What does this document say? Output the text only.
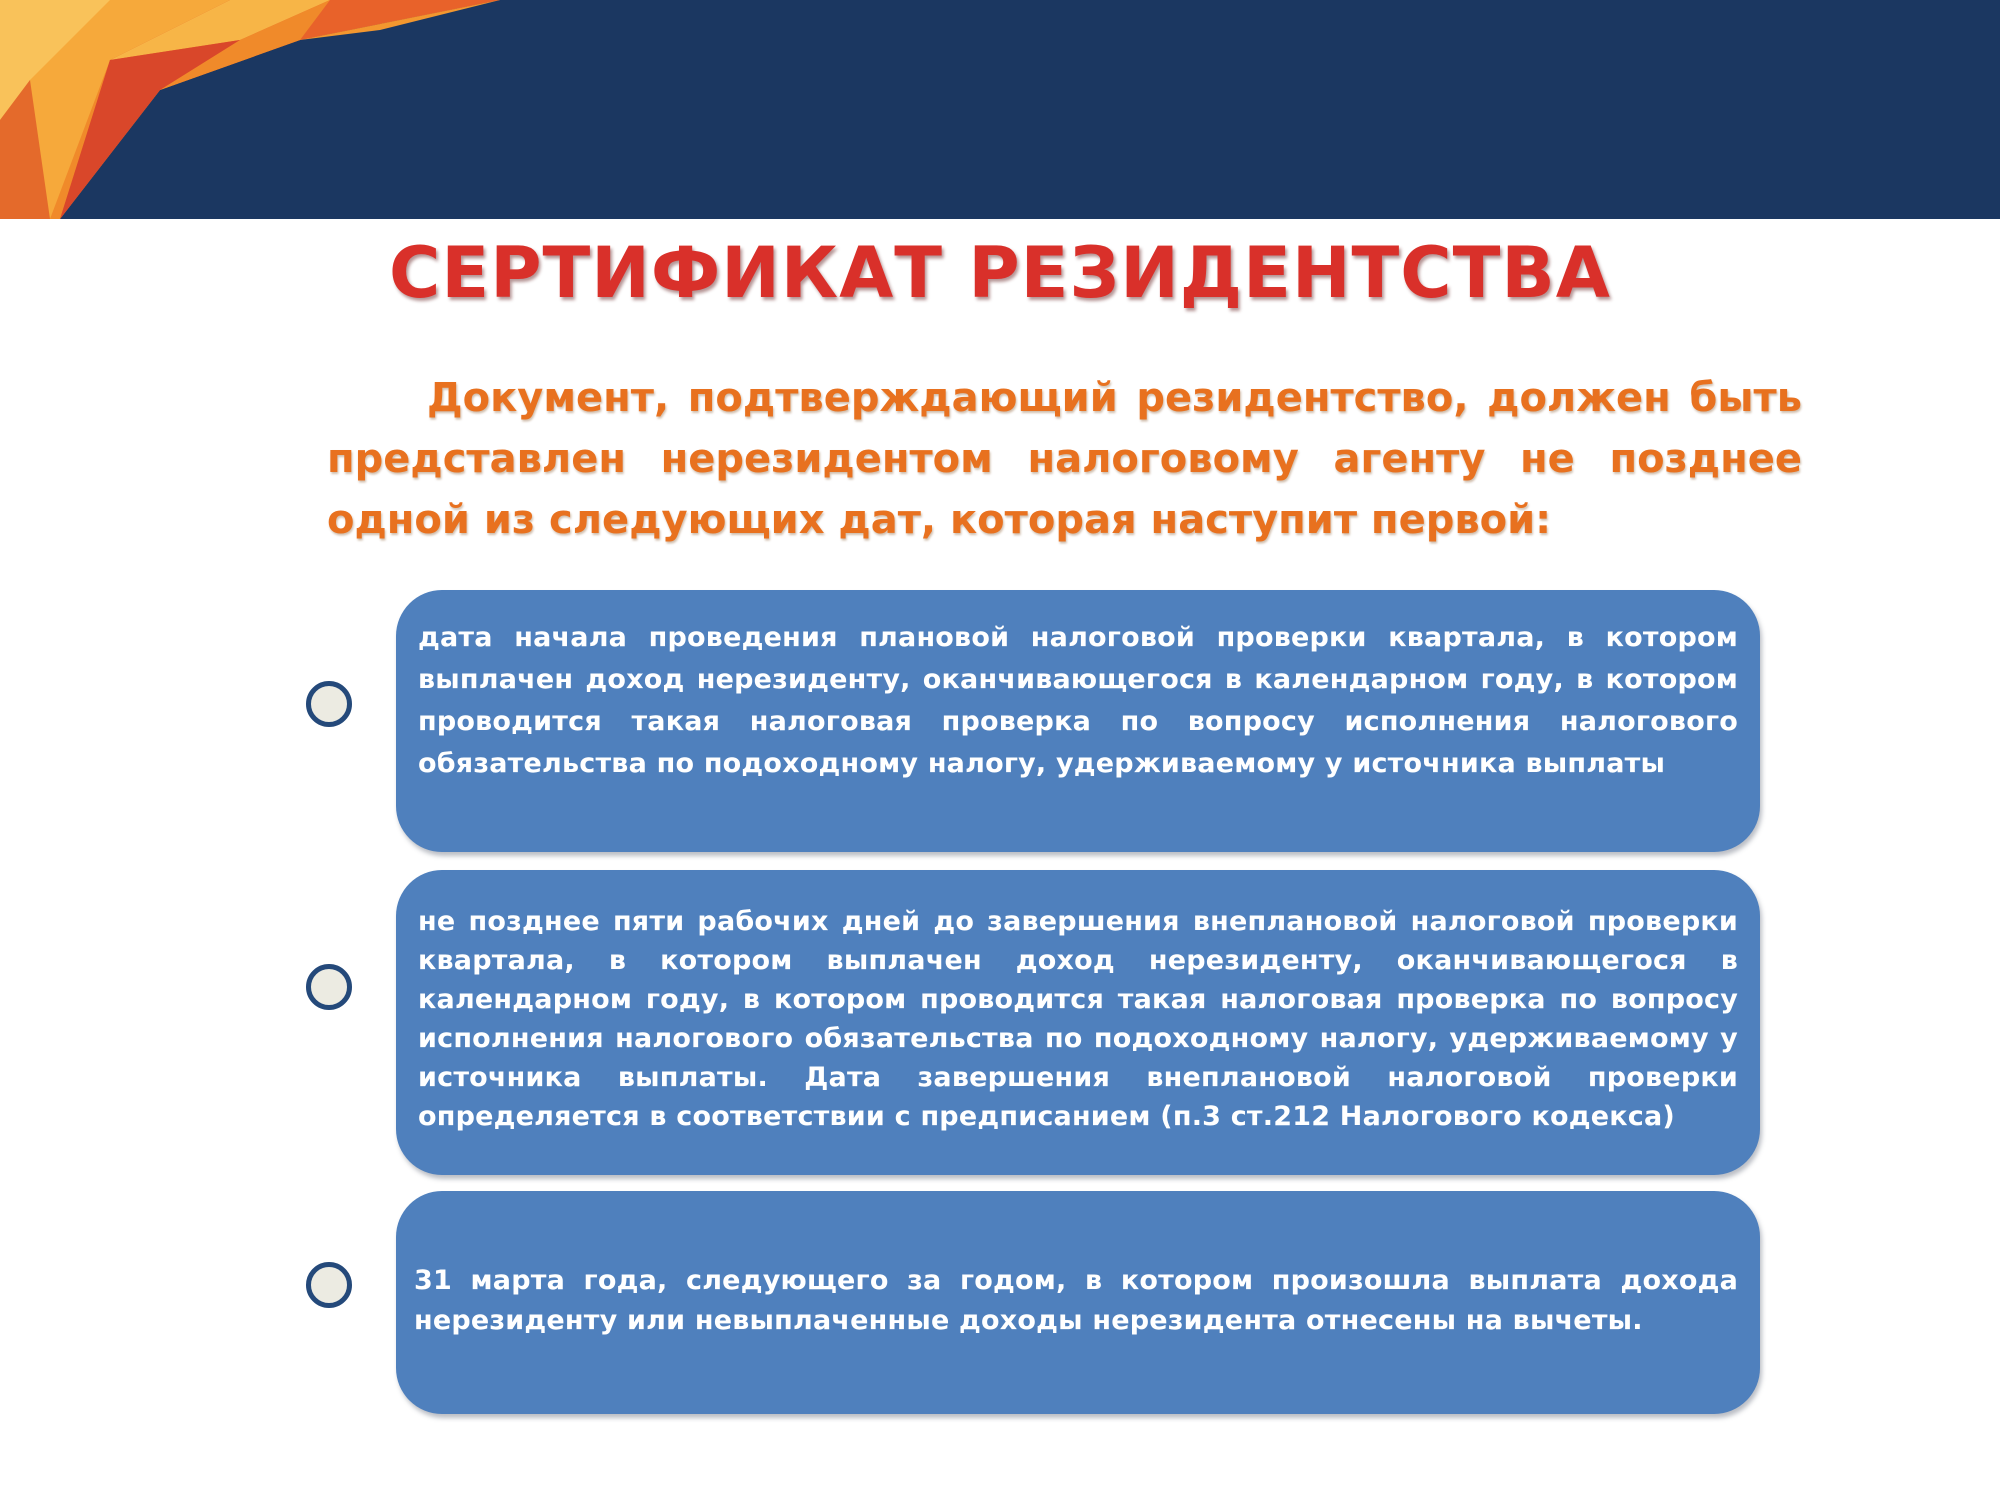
СЕРТИФИКАТ РЕЗИДЕНТСТВА
Документ, подтверждающий резидентство, должен быть представлен нерезидентом налоговому агенту не позднее одной из следующих дат, которая наступит первой:
дата начала проведения плановой налоговой проверки квартала, в котором выплачен доход нерезиденту, оканчивающегося в календарном году, в котором проводится такая налоговая проверка по вопросу исполнения налогового обязательства по подоходному налогу, удерживаемому у источника выплаты
не позднее пяти рабочих дней до завершения внеплановой налоговой проверки квартала, в котором выплачен доход нерезиденту, оканчивающегося в календарном году, в котором проводится такая налоговая проверка по вопросу исполнения налогового обязательства по подоходному налогу, удерживаемому у источника выплаты. Дата завершения внеплановой налоговой проверки определяется в соответствии с предписанием (п.3 ст.212 Налогового кодекса)
31 марта года, следующего за годом, в котором произошла выплата дохода нерезиденту или невыплаченные доходы нерезидента отнесены на вычеты.
